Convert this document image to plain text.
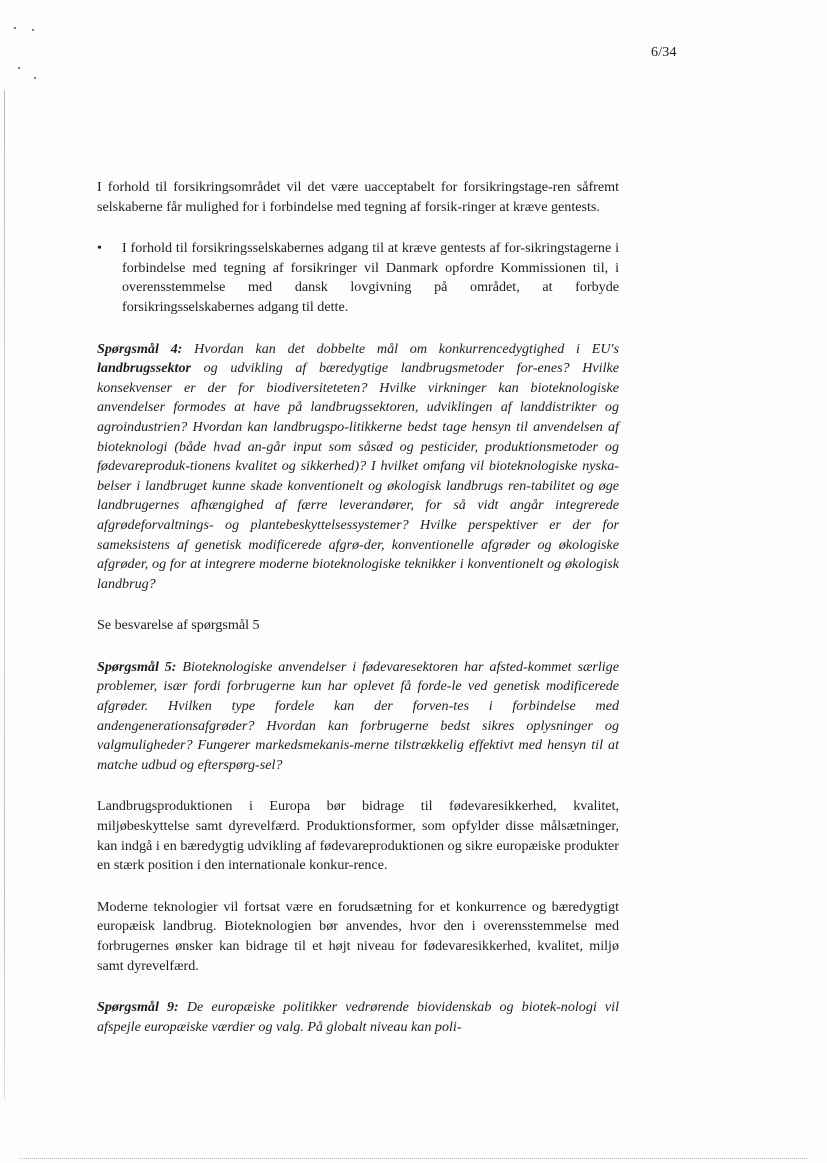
6/34

I forhold til forsikringsområdet vil det være uacceptabelt for forsikringstage-ren såfremt selskaberne får mulighed for i forbindelse med tegning af forsik-ringer at kræve gentests.

• I forhold til forsikringsselskabernes adgang til at kræve gentests af for-sikringstagerne i forbindelse med tegning af forsikringer vil Danmark opfordre Kommissionen til, i overensstemmelse med dansk lovgivning på området, at forbyde forsikringsselskabernes adgang til dette.

Spørgsmål 4: Hvordan kan det dobbelte mål om konkurrencedygtighed i EU's landbrugssektor og udvikling af bæredygtige landbrugsmetoder for-enes? Hvilke konsekvenser er der for biodiversiteteten? Hvilke virkninger kan bioteknologiske anvendelser formodes at have på landbrugssektoren, udviklingen af landdistrikter og agroindustrien? Hvordan kan landbrugspo-litikkerne bedst tage hensyn til anvendelsen af bioteknologi (både hvad an-går input som såsæd og pesticider, produktionsmetoder og fødevareproduk-tionens kvalitet og sikkerhed)? I hvilket omfang vil bioteknologiske nyska-belser i landbruget kunne skade konventionelt og økologisk landbrugs ren-tabilitet og øge landbrugernes afhængighed af færre leverandører, for så vidt angår integrerede afgrødeforvaltnings- og plantebeskyttelsessystemer? Hvilke perspektiver er der for sameksistens af genetisk modificerede afgrø-der, konventionelle afgrøder og økologiske afgrøder, og for at integrere moderne bioteknologiske teknikker i konventionelt og økologisk landbrug?

Se besvarelse af spørgsmål 5

Spørgsmål 5: Bioteknologiske anvendelser i fødevaresektoren har afsted-kommet særlige problemer, især fordi forbrugerne kun har oplevet få forde-le ved genetisk modificerede afgrøder. Hvilken type fordele kan der forven-tes i forbindelse med andengenerationsafgrøder? Hvordan kan forbrugerne bedst sikres oplysninger og valgmuligheder? Fungerer markedsmekanis-merne tilstrækkelig effektivt med hensyn til at matche udbud og efterspørg-sel?

Landbrugsproduktionen i Europa bør bidrage til fødevaresikkerhed, kvalitet, miljøbeskyttelse samt dyrevelfærd. Produktionsformer, som opfylder disse målsætninger, kan indgå i en bæredygtig udvikling af fødevareproduktionen og sikre europæiske produkter en stærk position i den internationale konkur-rence.

Moderne teknologier vil fortsat være en forudsætning for et konkurrence og bæredygtigt europæisk landbrug. Bioteknologien bør anvendes, hvor den i overensstemmelse med forbrugernes ønsker kan bidrage til et højt niveau for fødevaresikkerhed, kvalitet, miljø samt dyrevelfærd.

Spørgsmål 9: De europæiske politikker vedrørende biovidenskab og biotek-nologi vil afspejle europæiske værdier og valg. På globalt niveau kan poli-
